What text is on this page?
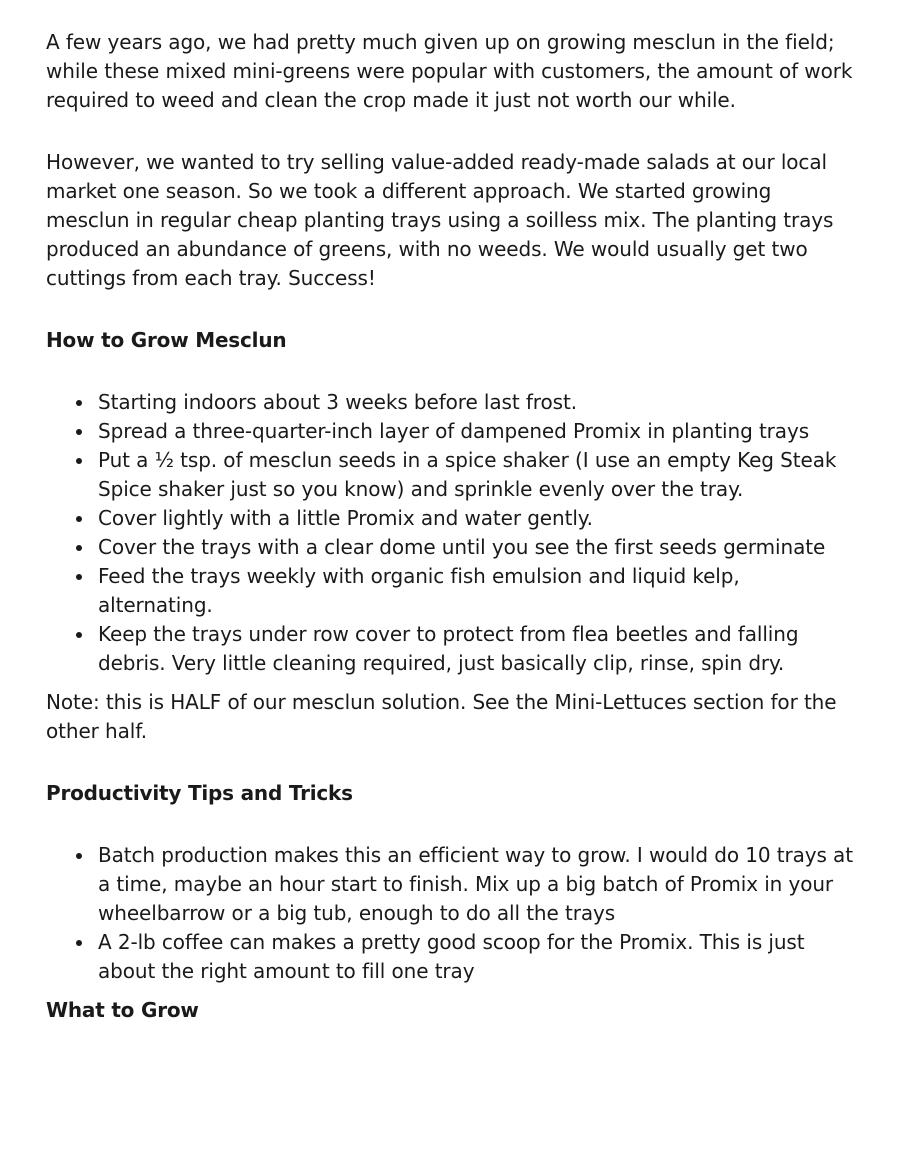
A few years ago, we had pretty much given up on growing mesclun in the field; while these mixed mini-greens were popular with customers, the amount of work required to weed and clean the crop made it just not worth our while.

However, we wanted to try selling value-added ready-made salads at our local market one season. So we took a different approach. We started growing mesclun in regular cheap planting trays using a soilless mix. The planting trays produced an abundance of greens, with no weeds. We would usually get two cuttings from each tray. Success!

How to Grow Mesclun
Starting indoors about 3 weeks before last frost.
Spread a three-quarter-inch layer of dampened Promix in planting trays
Put a ½ tsp. of mesclun seeds in a spice shaker (I use an empty Keg Steak Spice shaker just so you know) and sprinkle evenly over the tray.
Cover lightly with a little Promix and water gently.
Cover the trays with a clear dome until you see the first seeds germinate
Feed the trays weekly with organic fish emulsion and liquid kelp, alternating.
Keep the trays under row cover to protect from flea beetles and falling debris. Very little cleaning required, just basically clip, rinse, spin dry.

Note: this is HALF of our mesclun solution. See the Mini-Lettuces section for the other half.

Productivity Tips and Tricks
Batch production makes this an efficient way to grow. I would do 10 trays at a time, maybe an hour start to finish. Mix up a big batch of Promix in your wheelbarrow or a big tub, enough to do all the trays
A 2-lb coffee can makes a pretty good scoop for the Promix. This is just about the right amount to fill one tray
What to Grow
